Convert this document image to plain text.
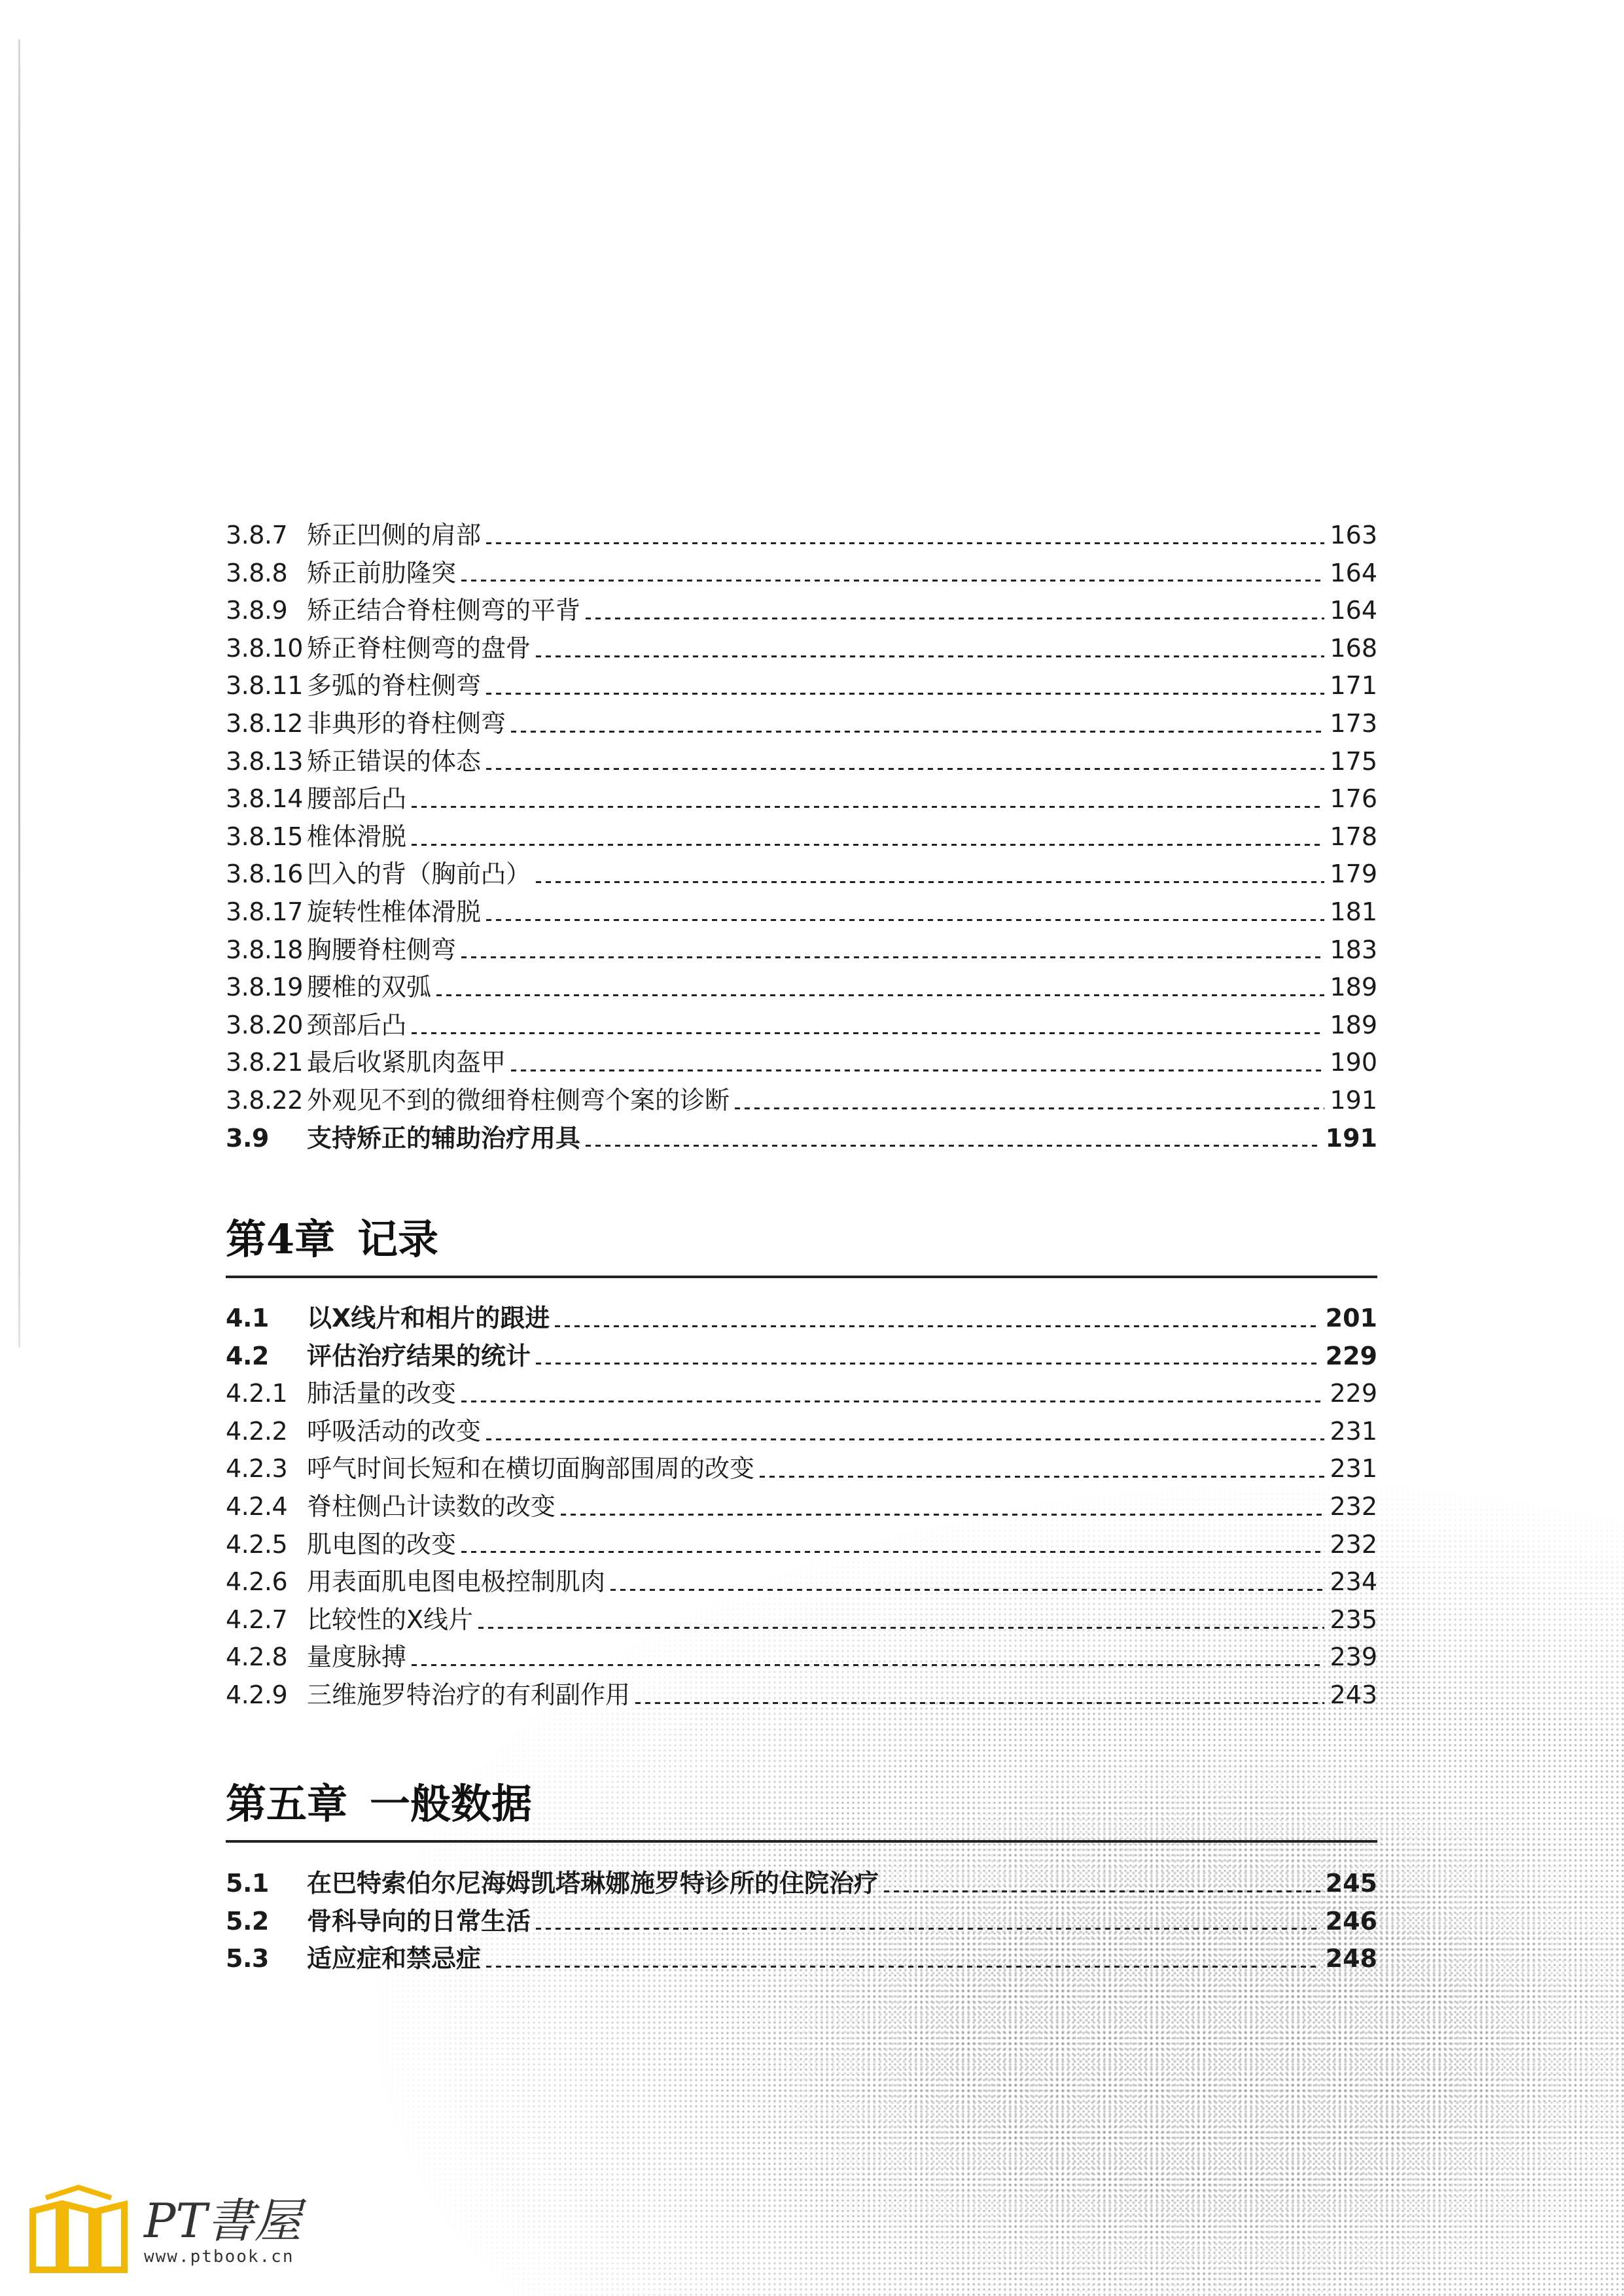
3.8.7 矫正凹侧的肩部	163
3.8.8 矫正前肋隆突	164
3.8.9 矫正结合脊柱侧弯的平背	164
3.8.10 矫正脊柱侧弯的盘骨	168
3.8.11 多弧的脊柱侧弯	171
3.8.12 非典形的脊柱侧弯	173
3.8.13 矫正错误的体态	175
3.8.14 腰部后凸	176
3.8.15 椎体滑脱	178
3.8.16 凹入的背（胸前凸）	179
3.8.17 旋转性椎体滑脱	181
3.8.18 胸腰脊柱侧弯	183
3.8.19 腰椎的双弧	189
3.8.20 颈部后凸	189
3.8.21 最后收紧肌肉盔甲	190
3.8.22 外观见不到的微细脊柱侧弯个案的诊断	191
3.9	支持矫正的辅助治疗用具	191
第4章 记录
4.1	以X线片和相片的跟进	201
4.2	评估治疗结果的统计	229
4.2.1 肺活量的改变	229
4.2.2 呼吸活动的改变	231
4.2.3 呼气时间长短和在横切面胸部围周的改变	231
4.2.4 脊柱侧凸计读数的改变	232
4.2.5 肌电图的改变	232
4.2.6 用表面肌电图电极控制肌肉	234
4.2.7 比较性的X线片	235
4.2.8 量度脉搏	239
4.2.9 三维施罗特治疗的有利副作用	243
第五章 一般数据
5.1	在巴特索伯尔尼海姆凯塔琳娜施罗特诊所的住院治疗	245
5.2	骨科导向的日常生活	246
5.3	适应症和禁忌症	248
PT書屋
www.ptbook.cn
